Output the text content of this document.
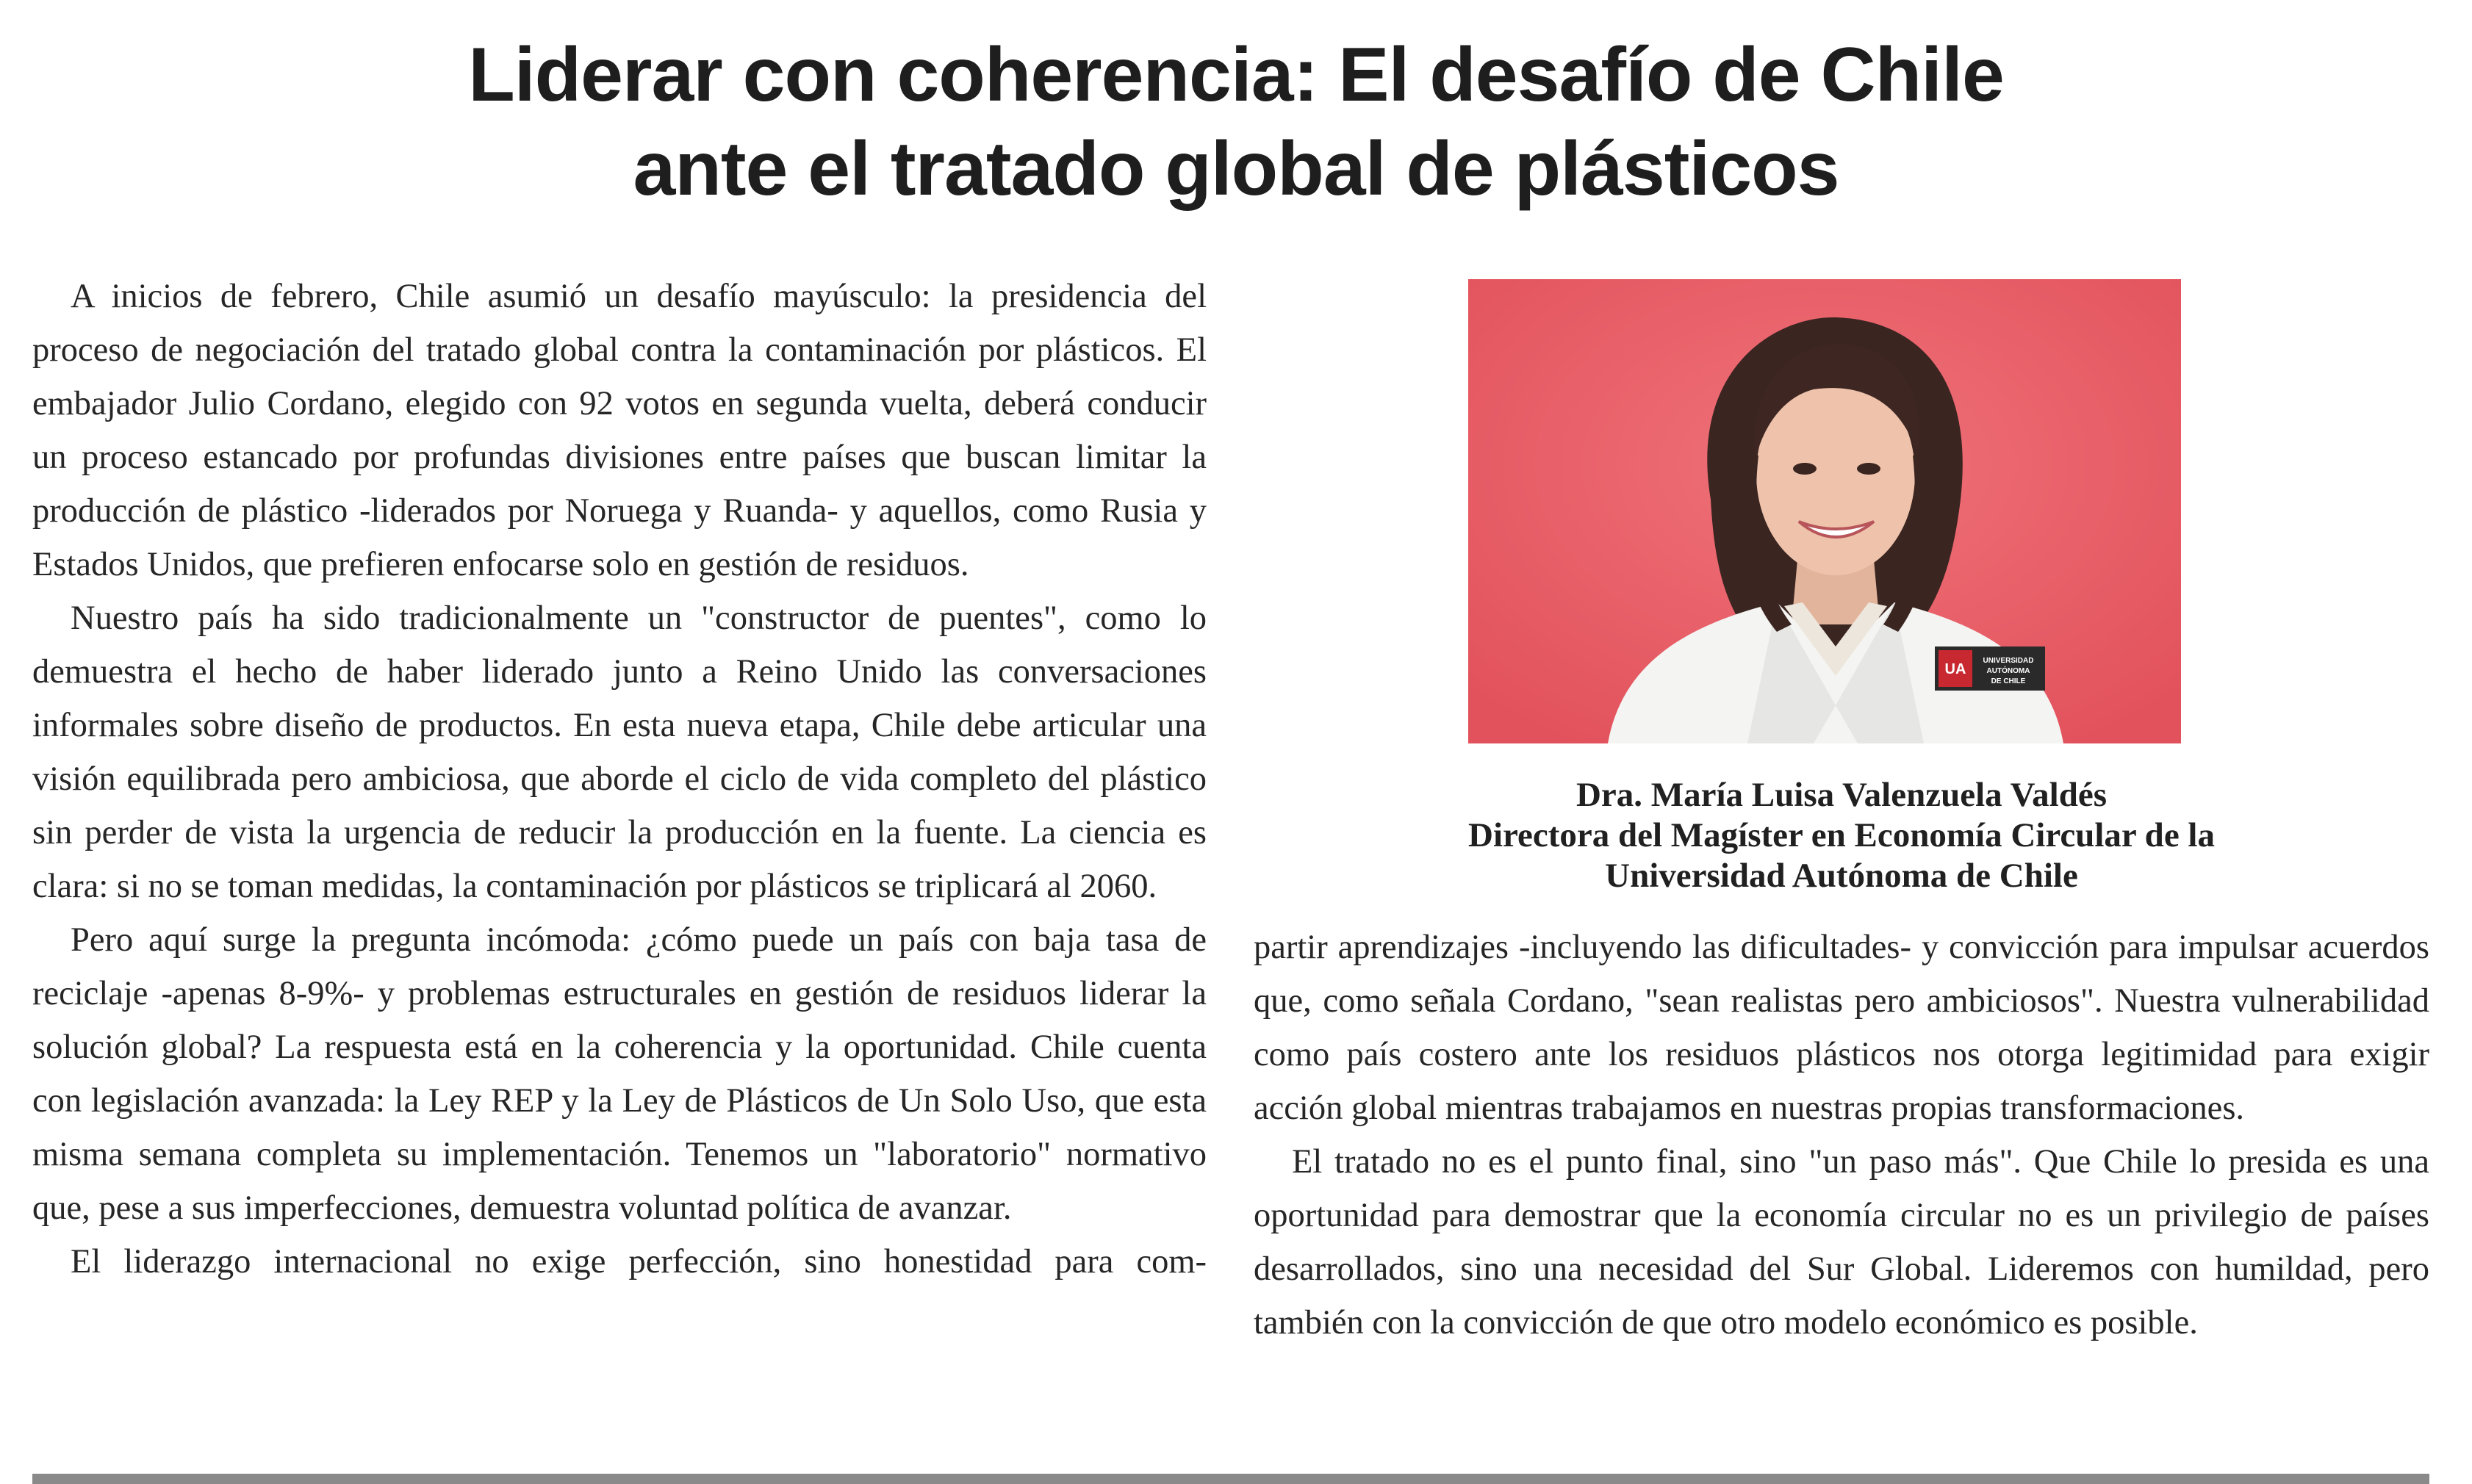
Liderar con coherencia: El desafío de Chile
ante el tratado global de plásticos

A inicios de febrero, Chile asumió un desafío mayúsculo: la presidencia del proceso de negociación del tratado global contra la contaminación por plásticos. El embajador Julio Cordano, elegido con 92 votos en segunda vuelta, deberá conducir un proceso estancado por profundas divisiones entre países que buscan limitar la producción de plástico -liderados por Noruega y Ruanda- y aquellos, como Rusia y Estados Unidos, que prefieren enfocarse solo en gestión de residuos.

Nuestro país ha sido tradicionalmente un "constructor de puentes", como lo demuestra el hecho de haber liderado junto a Reino Unido las conversaciones informales sobre diseño de productos. En esta nueva etapa, Chile debe articular una visión equilibrada pero ambiciosa, que aborde el ciclo de vida completo del plástico sin perder de vista la urgencia de reducir la producción en la fuente. La ciencia es clara: si no se toman medidas, la contaminación por plásticos se triplicará al 2060.

Pero aquí surge la pregunta incómoda: ¿cómo puede un país con baja tasa de reciclaje -apenas 8-9%- y problemas estructurales en gestión de residuos liderar la solución global? La respuesta está en la coherencia y la oportunidad. Chile cuenta con legislación avanzada: la Ley REP y la Ley de Plásticos de Un Solo Uso, que esta misma semana completa su implementación. Tenemos un "laboratorio" normativo que, pese a sus imperfecciones, demuestra voluntad política de avanzar.

El liderazgo internacional no exige perfección, sino honestidad para com-

UA
UNIVERSIDAD
AUTÓNOMA
DE CHILE
Dra. María Luisa Valenzuela Valdés
Directora del Magíster en Economía Circular de la
Universidad Autónoma de Chile

partir aprendizajes -incluyendo las dificultades- y convicción para impulsar acuerdos que, como señala Cordano, "sean realistas pero ambiciosos". Nuestra vulnerabilidad como país costero ante los residuos plásticos nos otorga legitimidad para exigir acción global mientras trabajamos en nuestras propias transformaciones.

El tratado no es el punto final, sino "un paso más". Que Chile lo presida es una oportunidad para demostrar que la economía circular no es un privilegio de países desarrollados, sino una necesidad del Sur Global. Lideremos con humildad, pero también con la convicción de que otro modelo económico es posible.
